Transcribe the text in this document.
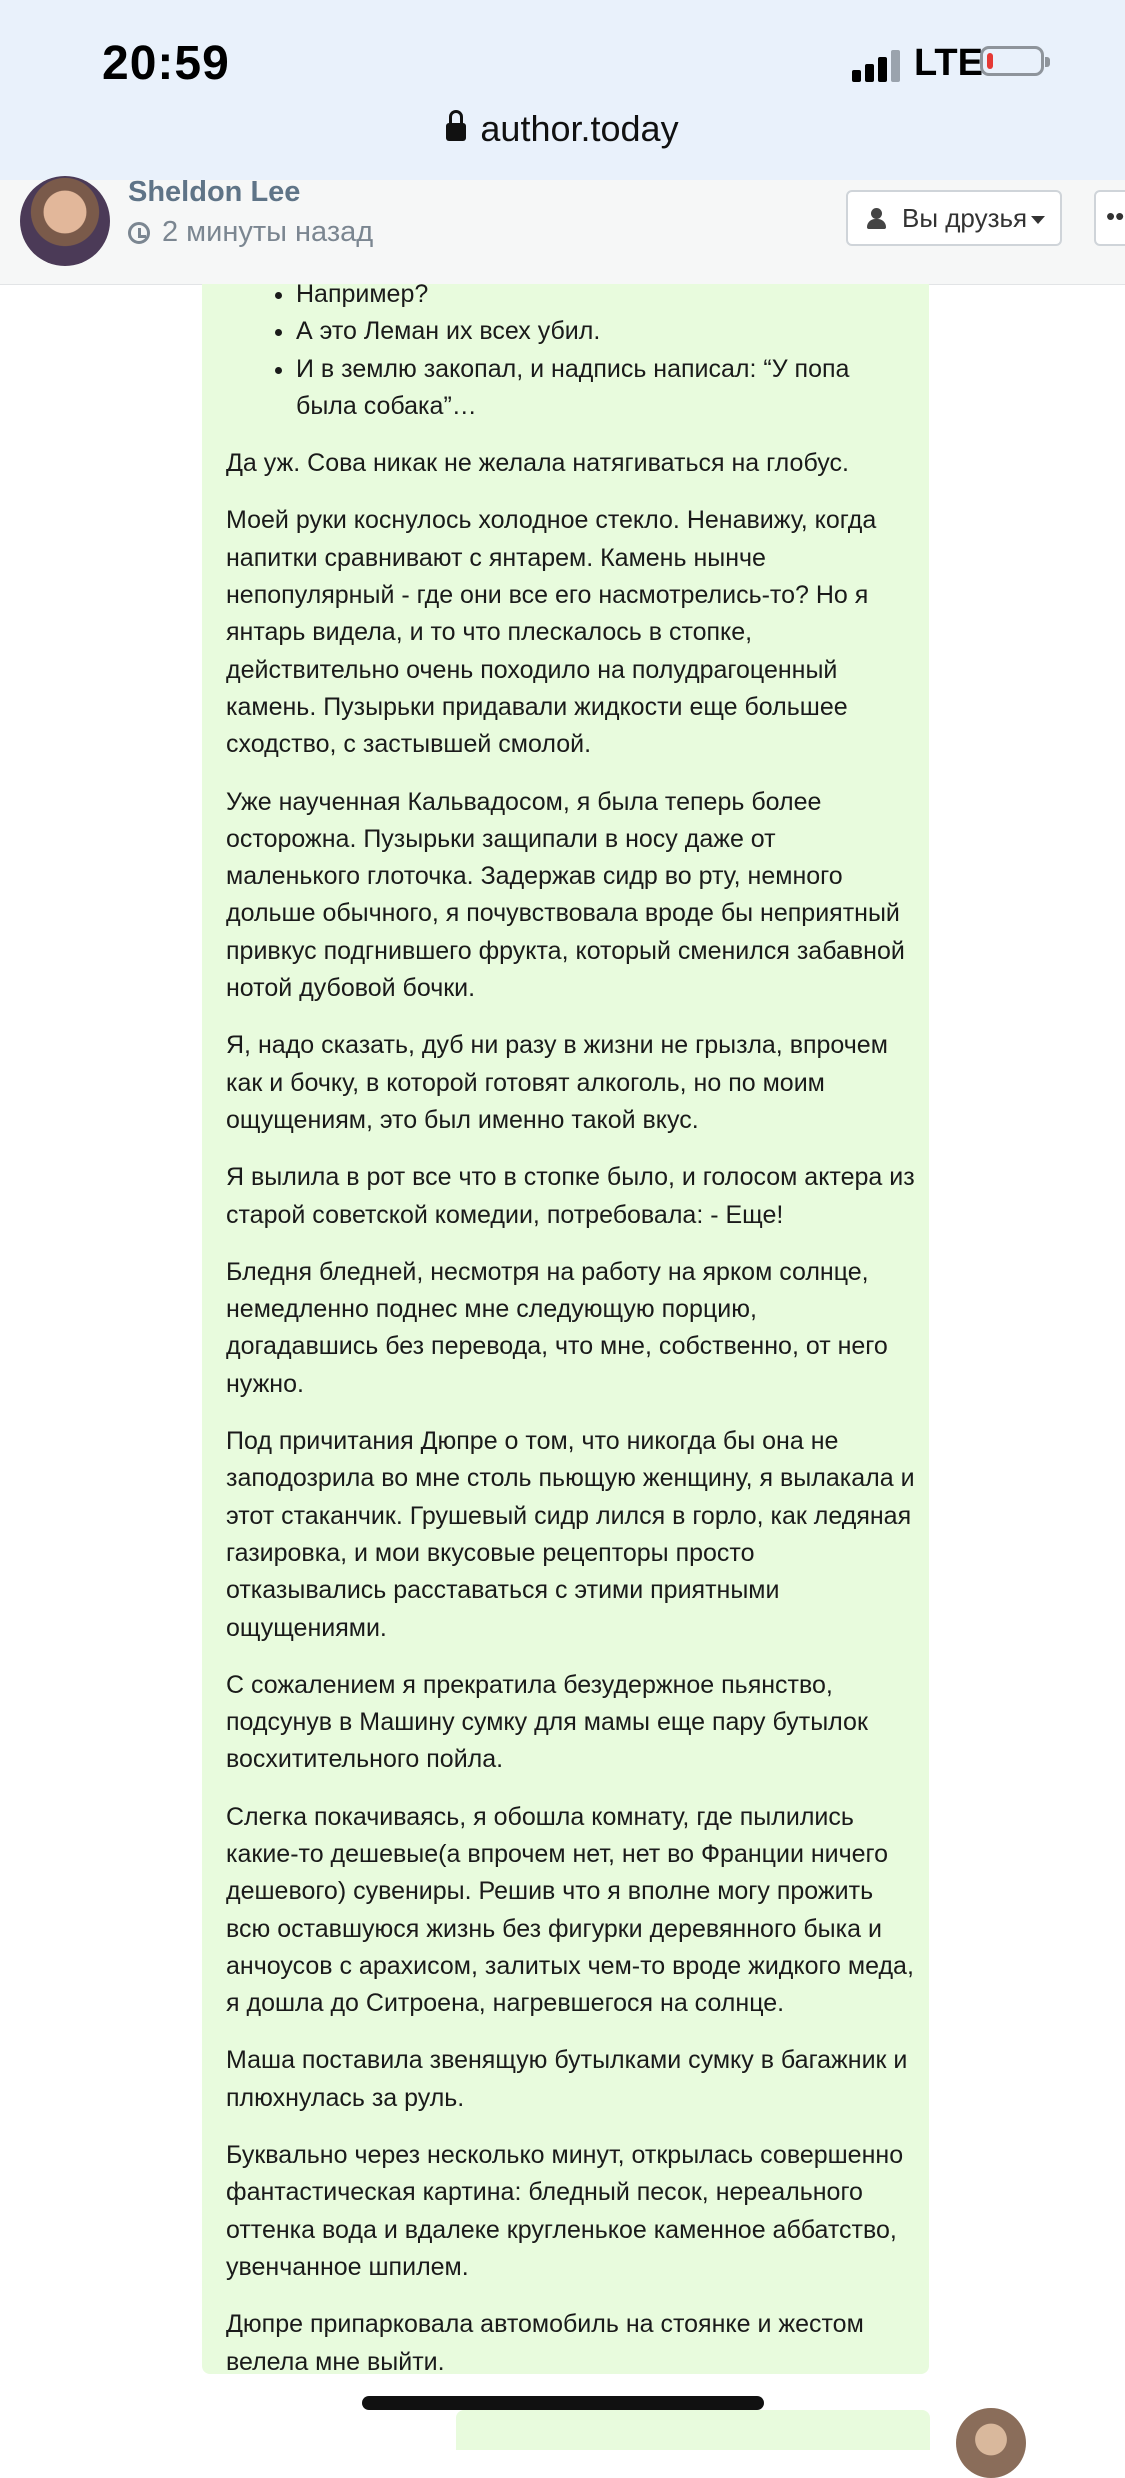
20:59	LTE
author.today
Sheldon Lee
2 минуты назад	Вы друзья	••
• Например?
• А это Леман их всех убил.
• И в землю закопал, и надпись написал: “У попа была собака”…

Да уж. Сова никак не желала натягиваться на глобус.

Моей руки коснулось холодное стекло. Ненавижу, когда напитки сравнивают с янтарем. Камень нынче непопулярный - где они все его насмотрелись-то? Но я янтарь видела, и то что плескалось в стопке, действительно очень походило на полудрагоценный камень. Пузырьки придавали жидкости еще большее сходство, с застывшей смолой.

Уже наученная Кальвадосом, я была теперь более осторожна. Пузырьки защипали в носу даже от маленького глоточка. Задержав сидр во рту, немного дольше обычного, я почувствовала вроде бы неприятный привкус подгнившего фрукта, который сменился забавной нотой дубовой бочки.

Я, надо сказать, дуб ни разу в жизни не грызла, впрочем как и бочку, в которой готовят алкоголь, но по моим ощущениям, это был именно такой вкус.

Я вылила в рот все что в стопке было, и голосом актера из старой советской комедии, потребовала: - Еще!

Бледня бледней, несмотря на работу на ярком солнце, немедленно поднес мне следующую порцию, догадавшись без перевода, что мне, собственно, от него нужно.

Под причитания Дюпре о том, что никогда бы она не заподозрила во мне столь пьющую женщину, я вылакала и этот стаканчик. Грушевый сидр лился в горло, как ледяная газировка, и мои вкусовые рецепторы просто отказывались расставаться с этими приятными ощущениями.

С сожалением я прекратила безудержное пьянство, подсунув в Машину сумку для мамы еще пару бутылок восхитительного пойла.

Слегка покачиваясь, я обошла комнату, где пылились какие-то дешевые(а впрочем нет, нет во Франции ничего дешевого) сувениры. Решив что я вполне могу прожить всю оставшуюся жизнь без фигурки деревянного быка и анчоусов с арахисом, залитых чем-то вроде жидкого меда, я дошла до Ситроена, нагревшегося на солнце.

Маша поставила звенящую бутылками сумку в багажник и плюхнулась за руль.

Буквально через несколько минут, открылась совершенно фантастическая картина: бледный песок, нереального оттенка вода и вдалеке кругленькое каменное аббатство, увенчанное шпилем.

Дюпре припарковала автомобиль на стоянке и жестом велела мне выйти.
